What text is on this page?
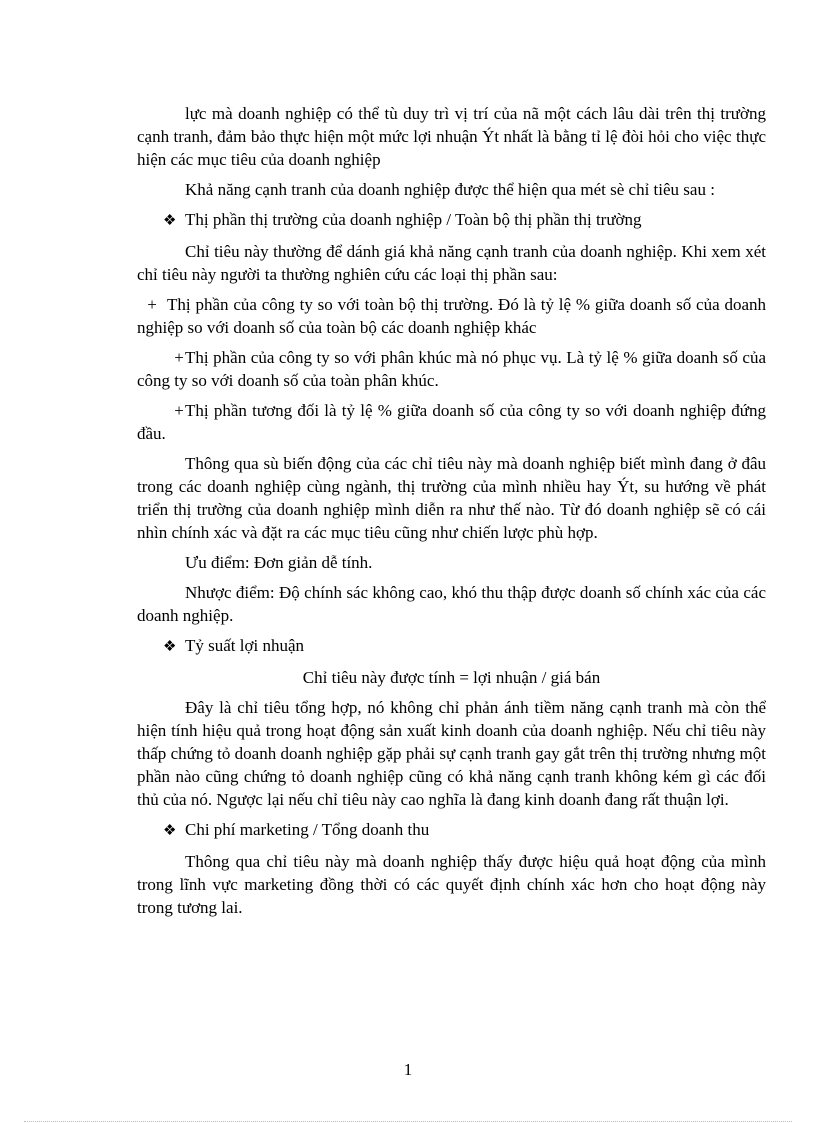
lực mà doanh nghiệp có thể tù duy trì vị trí của nã một cách lâu dài trên thị trường cạnh tranh, đảm bảo thực hiện một mức lợi nhuận Ýt nhất là bằng tỉ lệ đòi hỏi cho việc thực hiện các mục tiêu của doanh nghiệp

Khả năng cạnh tranh của doanh nghiệp được thể hiện qua mét sè chỉ tiêu sau :

❖ Thị phần thị trường của doanh nghiệp / Toàn bộ thị phần thị trường

Chỉ tiêu này thường để dánh giá khả năng cạnh tranh của doanh nghiệp. Khi xem xét chỉ tiêu này người ta thường nghiên cứu các loại thị phần sau:

+ Thị phần của công ty so với toàn bộ thị trường. Đó là tỷ lệ % giữa doanh số của doanh nghiệp so với doanh số của toàn bộ các doanh nghiệp khác

+Thị phần của công ty so với phân khúc mà nó phục vụ. Là tỷ lệ % giữa doanh số của công ty so với doanh số của toàn phân khúc.

+Thị phần tương đối là tỷ lệ % giữa doanh số của công ty so với doanh nghiệp đứng đầu.

Thông qua sù biến động của các chỉ tiêu này mà doanh nghiệp biết mình đang ở đâu trong các doanh nghiệp cùng ngành, thị trường của mình nhiều hay Ýt, su hướng về phát triển thị trường của doanh nghiệp mình diễn ra như thế nào. Từ đó doanh nghiệp sẽ có cái nhìn chính xác và đặt ra các mục tiêu cũng như chiến lược phù hợp.

Ưu điểm: Đơn giản dễ tính.

Nhược điểm: Độ chính sác không cao, khó thu thập được doanh số chính xác của các doanh nghiệp.

❖ Tỷ suất lợi nhuận

Chỉ tiêu này được tính = lợi nhuận / giá bán

Đây là chỉ tiêu tổng hợp, nó không chỉ phản ánh tiềm năng cạnh tranh mà còn thể hiện tính hiệu quả trong hoạt động sản xuất kinh doanh của doanh nghiệp. Nếu chỉ tiêu này thấp chứng tỏ doanh doanh nghiệp gặp phải sự cạnh tranh gay gắt trên thị trường nhưng một phần nào cũng chứng tỏ doanh nghiệp cũng có khả năng cạnh tranh không kém gì các đối thủ của nó. Ngược lại nếu chỉ tiêu này cao nghĩa là đang kinh doanh đang rất thuận lợi.

❖ Chi phí marketing / Tổng doanh thu

Thông qua chỉ tiêu này mà doanh nghiệp thấy được hiệu quả hoạt động của mình trong lĩnh vực marketing đồng thời có các quyết định chính xác hơn cho hoạt động này trong tương lai.

1
